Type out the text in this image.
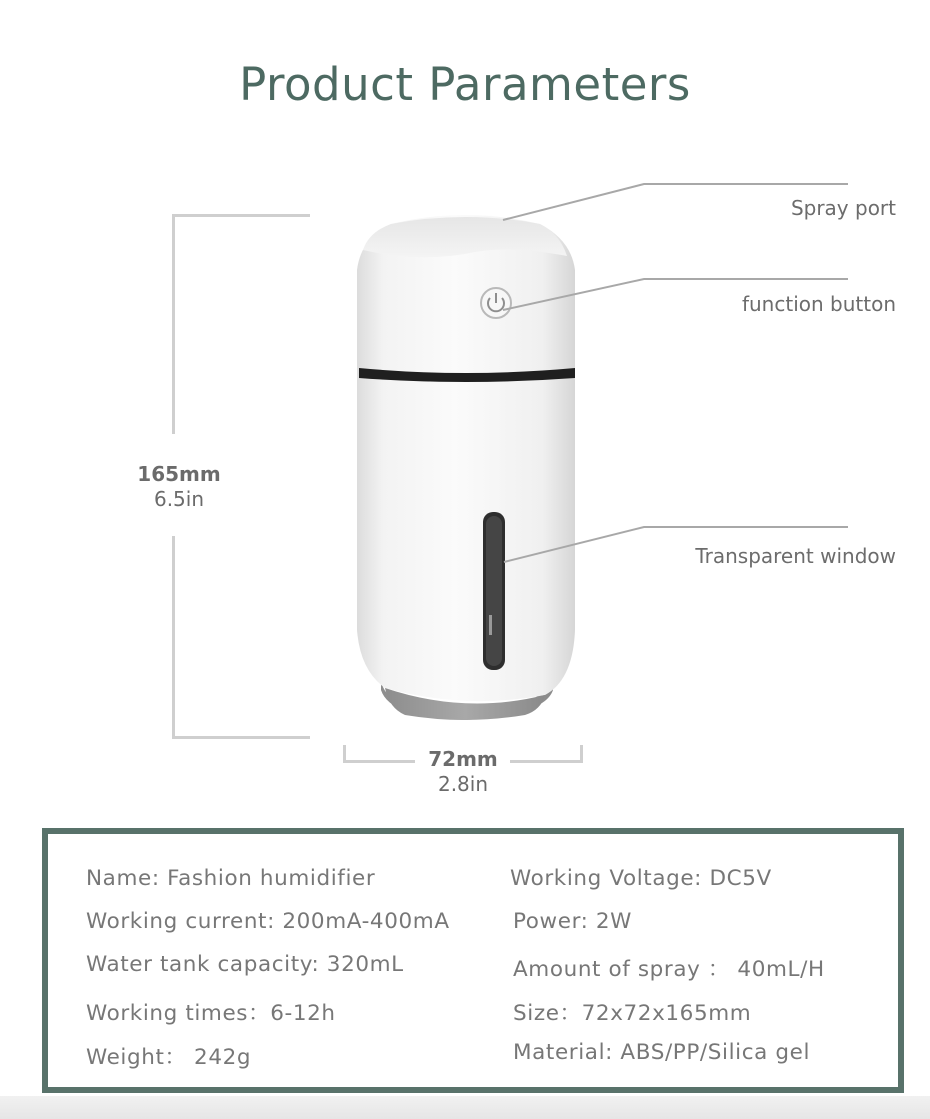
Product Parameters
165mm
6.5in
72mm
2.8in
Spray port
function button
Transparent window
Name: Fashion humidifier
Working current: 200mA-400mA
Water tank capacity: 320mL
Working times：6-12h
Weight： 242g
Working Voltage: DC5V
Power: 2W
Amount of spray ： 40mL/H
Size：72x72x165mm
Material: ABS/PP/Silica gel
